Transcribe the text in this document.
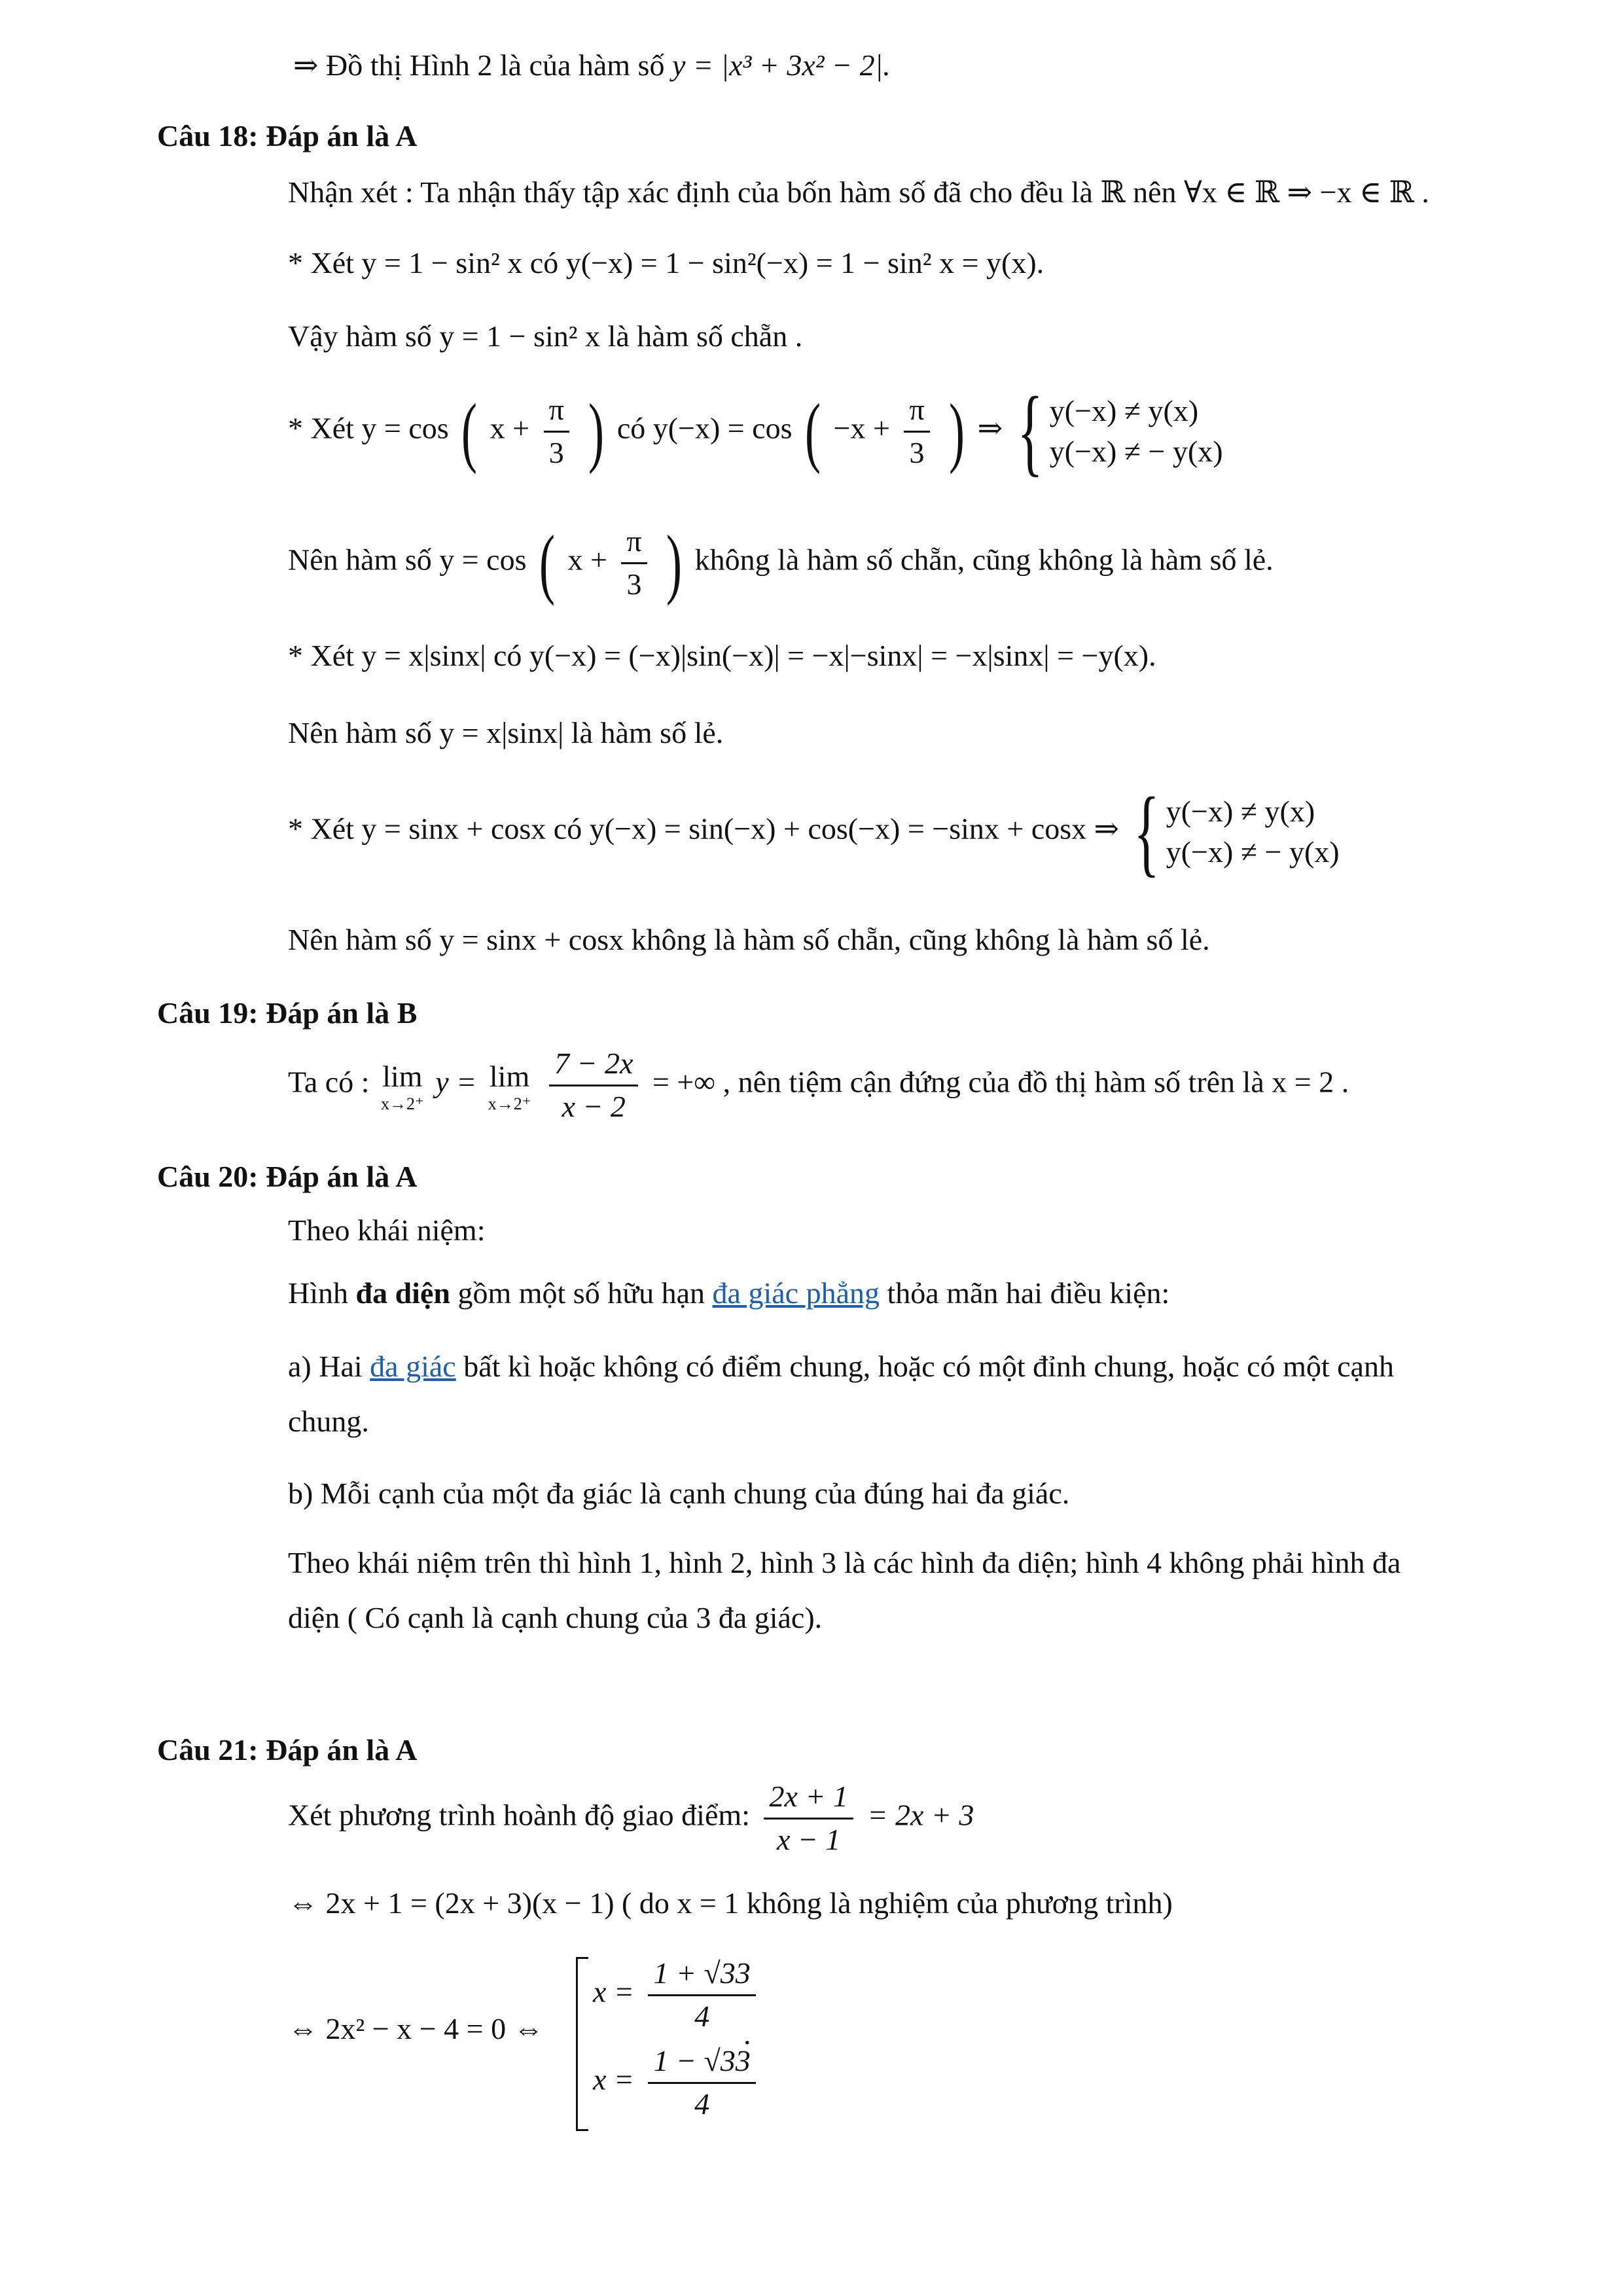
⇒ Đồ thị Hình 2 là của hàm số y = |x³ + 3x² − 2|.
Câu 18: Đáp án là A
Nhận xét : Ta nhận thấy tập xác định của bốn hàm số đã cho đều là ℝ nên ∀x ∈ ℝ ⇒ −x ∈ ℝ .
* Xét y = 1 − sin² x có y(−x) = 1 − sin²(−x) = 1 − sin² x = y(x).
Vậy hàm số y = 1 − sin² x là hàm số chẵn .
* Xét y = cos ( $x + \frac{\pi}{3}$ ) có y(−x) = cos ( $-x + \frac{\pi}{3}$ ) ⇒ { y(−x) ≠ y(x)
y(−x) ≠ − y(x)
Nên hàm số y = cos ( $x + \frac{\pi}{3}$ ) không là hàm số chẵn, cũng không là hàm số lẻ.
* Xét y = x|sinx| có y(−x) = (−x)|sin(−x)| = −x|−sinx| = −x|sinx| = −y(x).
Nên hàm số y = x|sinx| là hàm số lẻ.
* Xét y = sinx + cosx có y(−x) = sin(−x) + cos(−x) = −sinx + cosx ⇒ { y(−x) ≠ y(x)
y(−x) ≠ − y(x)
Nên hàm số y = sinx + cosx không là hàm số chẵn, cũng không là hàm số lẻ.
Câu 19: Đáp án là B
Ta có : lim
x→2⁺
y = lim
x→2⁺
$\frac{7 - 2x}{x - 2}$ = +∞ , nên tiệm cận đứng của đồ thị hàm số trên là x = 2 .
Câu 20: Đáp án là A
Theo khái niệm:
Hình đa diện gồm một số hữu hạn đa giác phẳng thỏa mãn hai điều kiện:
a) Hai đa giác bất kì hoặc không có điểm chung, hoặc có một đỉnh chung, hoặc có một cạnh
chung.
b) Mỗi cạnh của một đa giác là cạnh chung của đúng hai đa giác.
Theo khái niệm trên thì hình 1, hình 2, hình 3 là các hình đa diện; hình 4 không phải hình đa
diện ( Có cạnh là cạnh chung của 3 đa giác).
Câu 21: Đáp án là A
Xét phương trình hoành độ giao điểm: $\frac{2x + 1}{x - 1} = 2x + 3$
⇔ 2x + 1 = (2x + 3)(x − 1) ( do x = 1 không là nghiệm của phương trình)
⇔ 2x² − x − 4 = 0 ⇔
$x = \frac{1 + √33}{4}$
$x = \frac{1 - √33}{4}$
.
